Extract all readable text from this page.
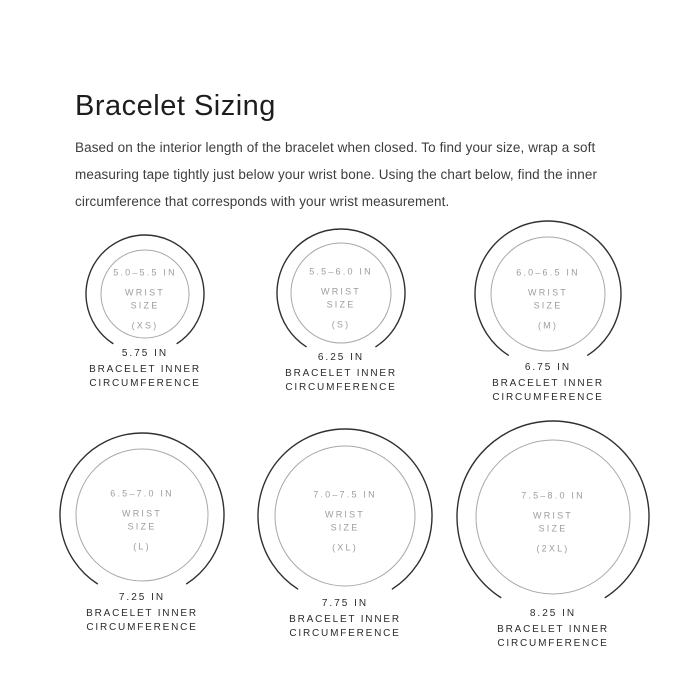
Bracelet Sizing

Based on the interior length of the bracelet when closed. To find your size, wrap a soft measuring tape tightly just below your wrist bone. Using the chart below, find the inner circumference that corresponds with your wrist measurement.

5.0–5.5 IN
WRIST
SIZE
(XS)
5.75 IN
BRACELET INNER
CIRCUMFERENCE
5.5–6.0 IN
WRIST
SIZE
(S)
6.25 IN
BRACELET INNER
CIRCUMFERENCE
6.0–6.5 IN
WRIST
SIZE
(M)
6.75 IN
BRACELET INNER
CIRCUMFERENCE
6.5–7.0 IN
WRIST
SIZE
(L)
7.25 IN
BRACELET INNER
CIRCUMFERENCE
7.0–7.5 IN
WRIST
SIZE
(XL)
7.75 IN
BRACELET INNER
CIRCUMFERENCE
7.5–8.0 IN
WRIST
SIZE
(2XL)
8.25 IN
BRACELET INNER
CIRCUMFERENCE
